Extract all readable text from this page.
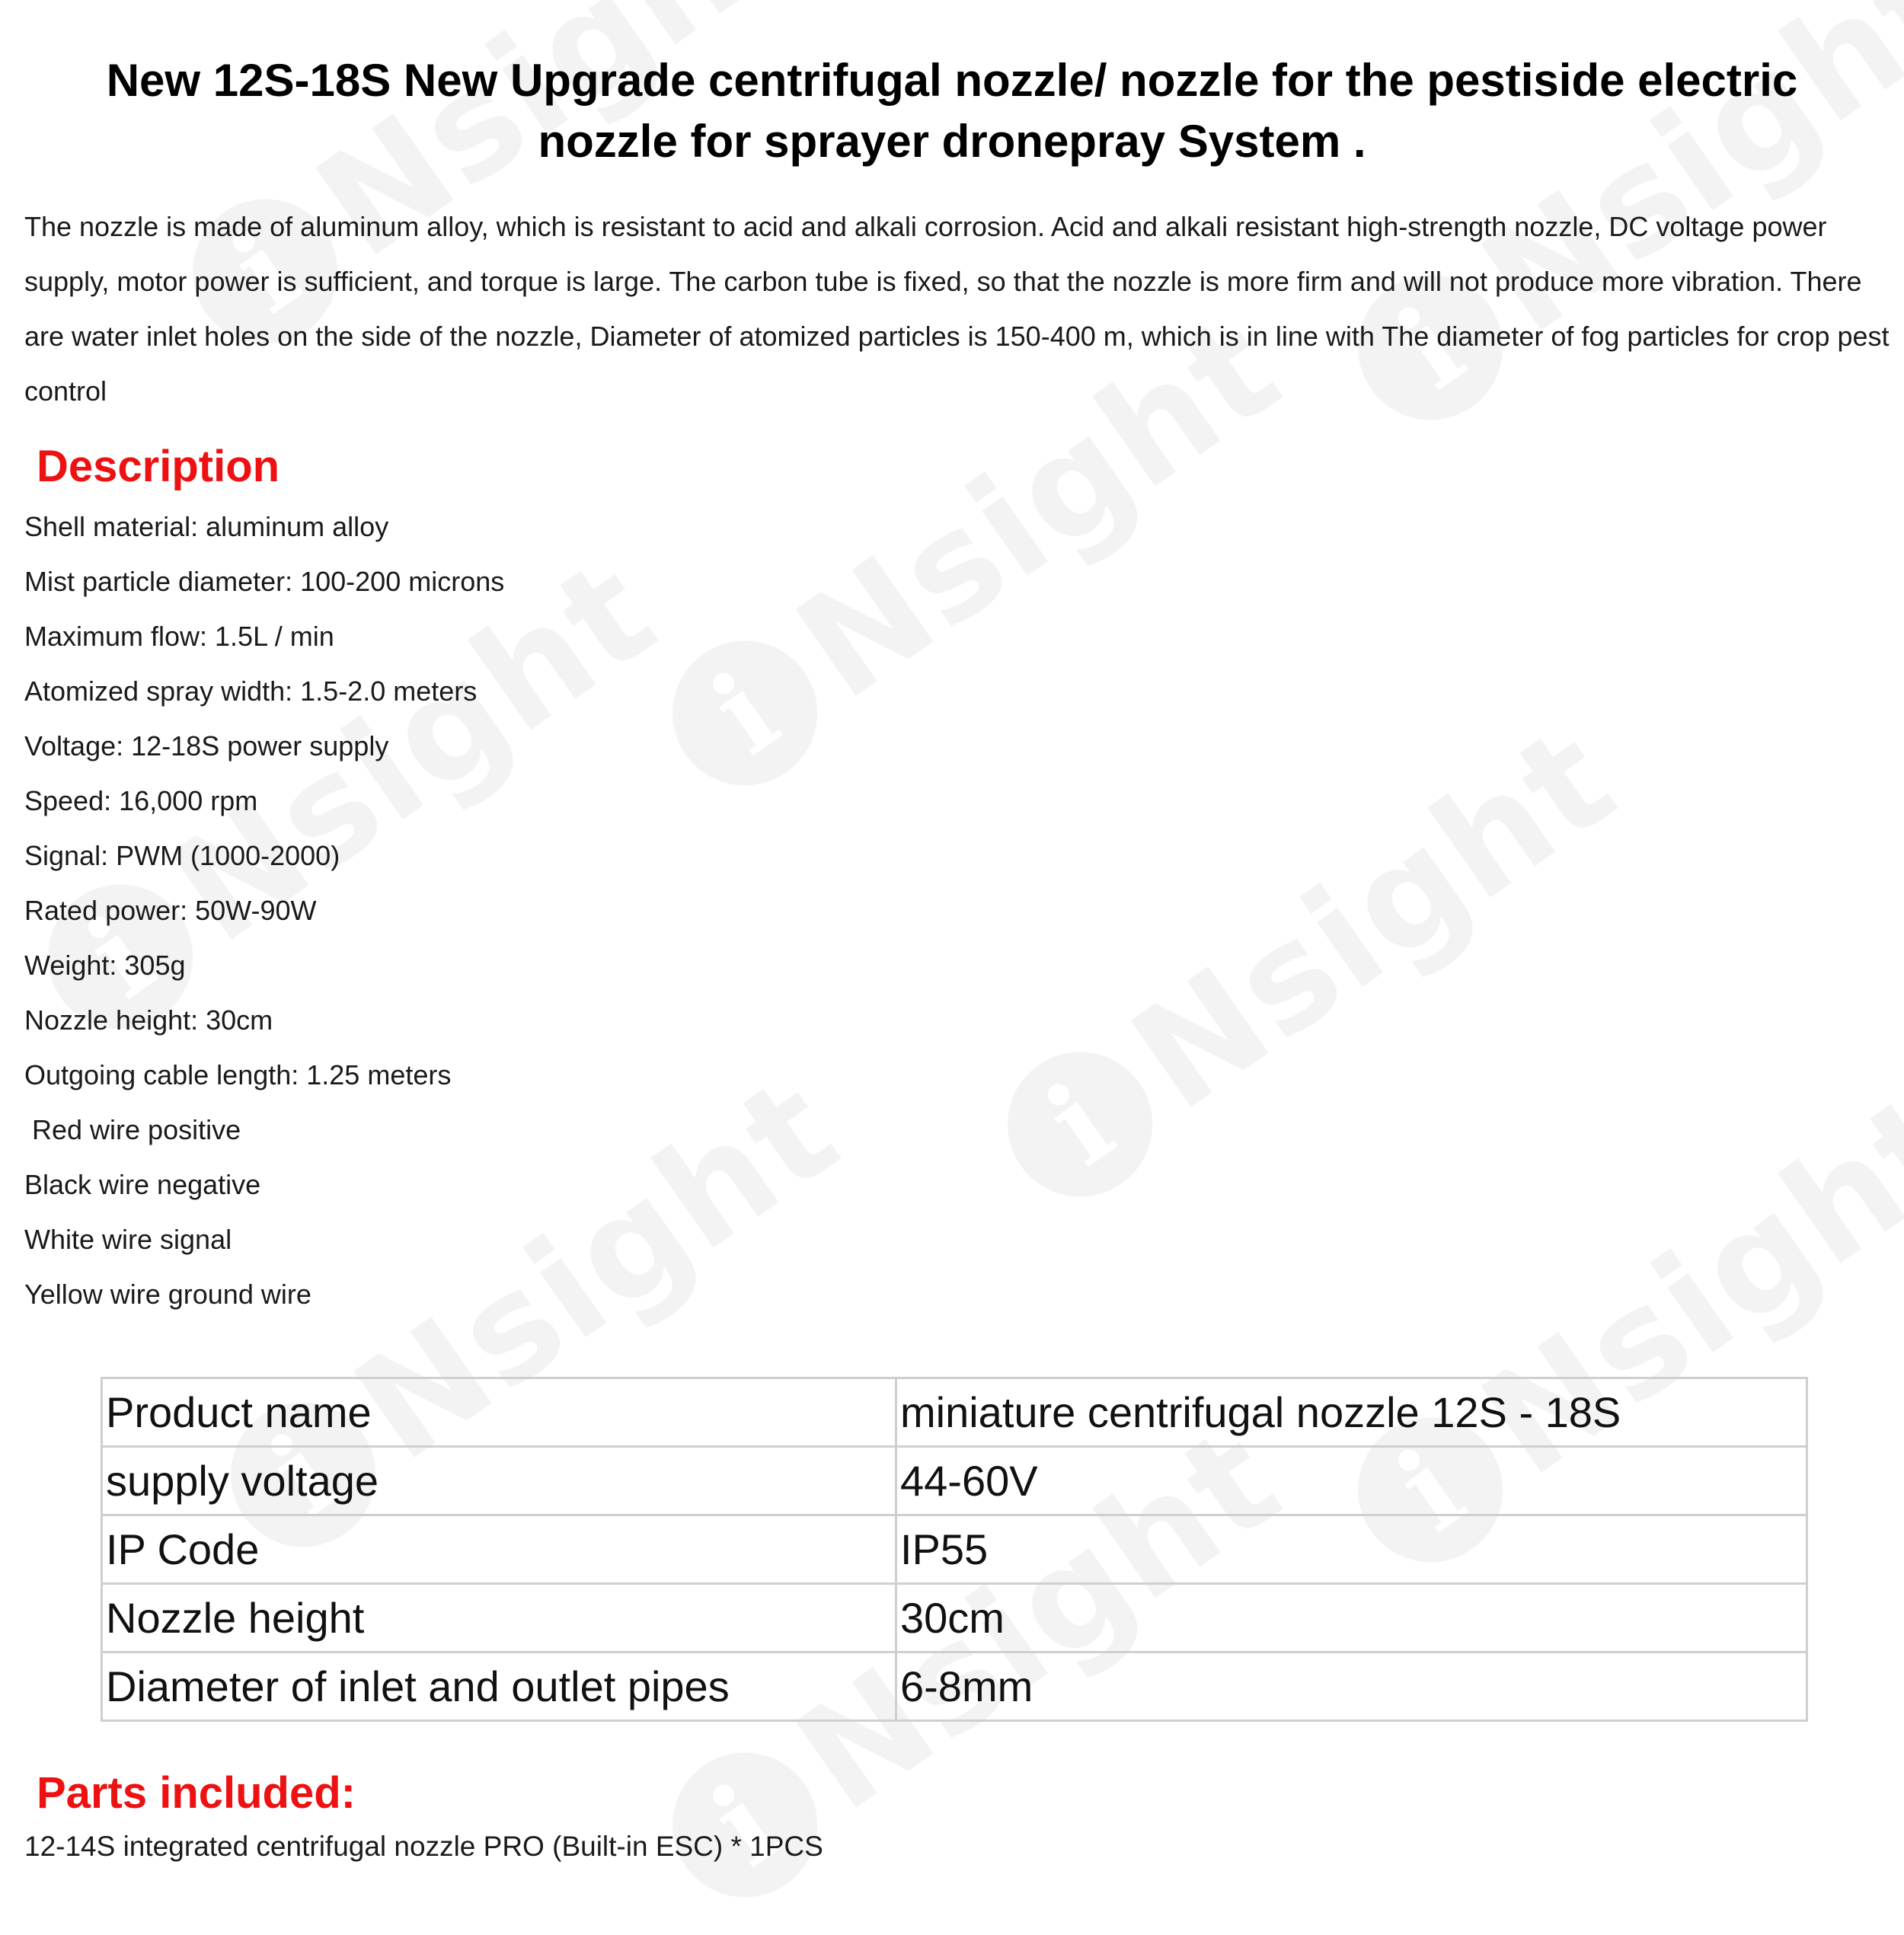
New 12S-18S New Upgrade centrifugal nozzle/ nozzle for the pestiside electric nozzle for sprayer dronepray System .

The nozzle is made of aluminum alloy, which is resistant to acid and alkali corrosion. Acid and alkali resistant high-strength nozzle, DC voltage power supply, motor power is sufficient, and torque is large. The carbon tube is fixed, so that the nozzle is more firm and will not produce more vibration. There are water inlet holes on the side of the nozzle, Diameter of atomized particles is 150-400 m, which is in line with The diameter of fog particles for crop pest control

Description
Shell material: aluminum alloy
Mist particle diameter: 100-200 microns
Maximum flow: 1.5L / min
Atomized spray width: 1.5-2.0 meters
Voltage: 12-18S power supply
Speed: 16,000 rpm
Signal: PWM (1000-2000)
Rated power: 50W-90W
Weight: 305g
Nozzle height: 30cm
Outgoing cable length: 1.25 meters
Red wire positive
Black wire negative
White wire signal
Yellow wire ground wire
Product name	miniature centrifugal nozzle 12S - 18S
supply voltage	44-60V
IP Code	IP55
Nozzle height	30cm
Diameter of inlet and outlet pipes	6-8mm
Parts included:

12-14S integrated centrifugal nozzle PRO (Built-in ESC) * 1PCS
